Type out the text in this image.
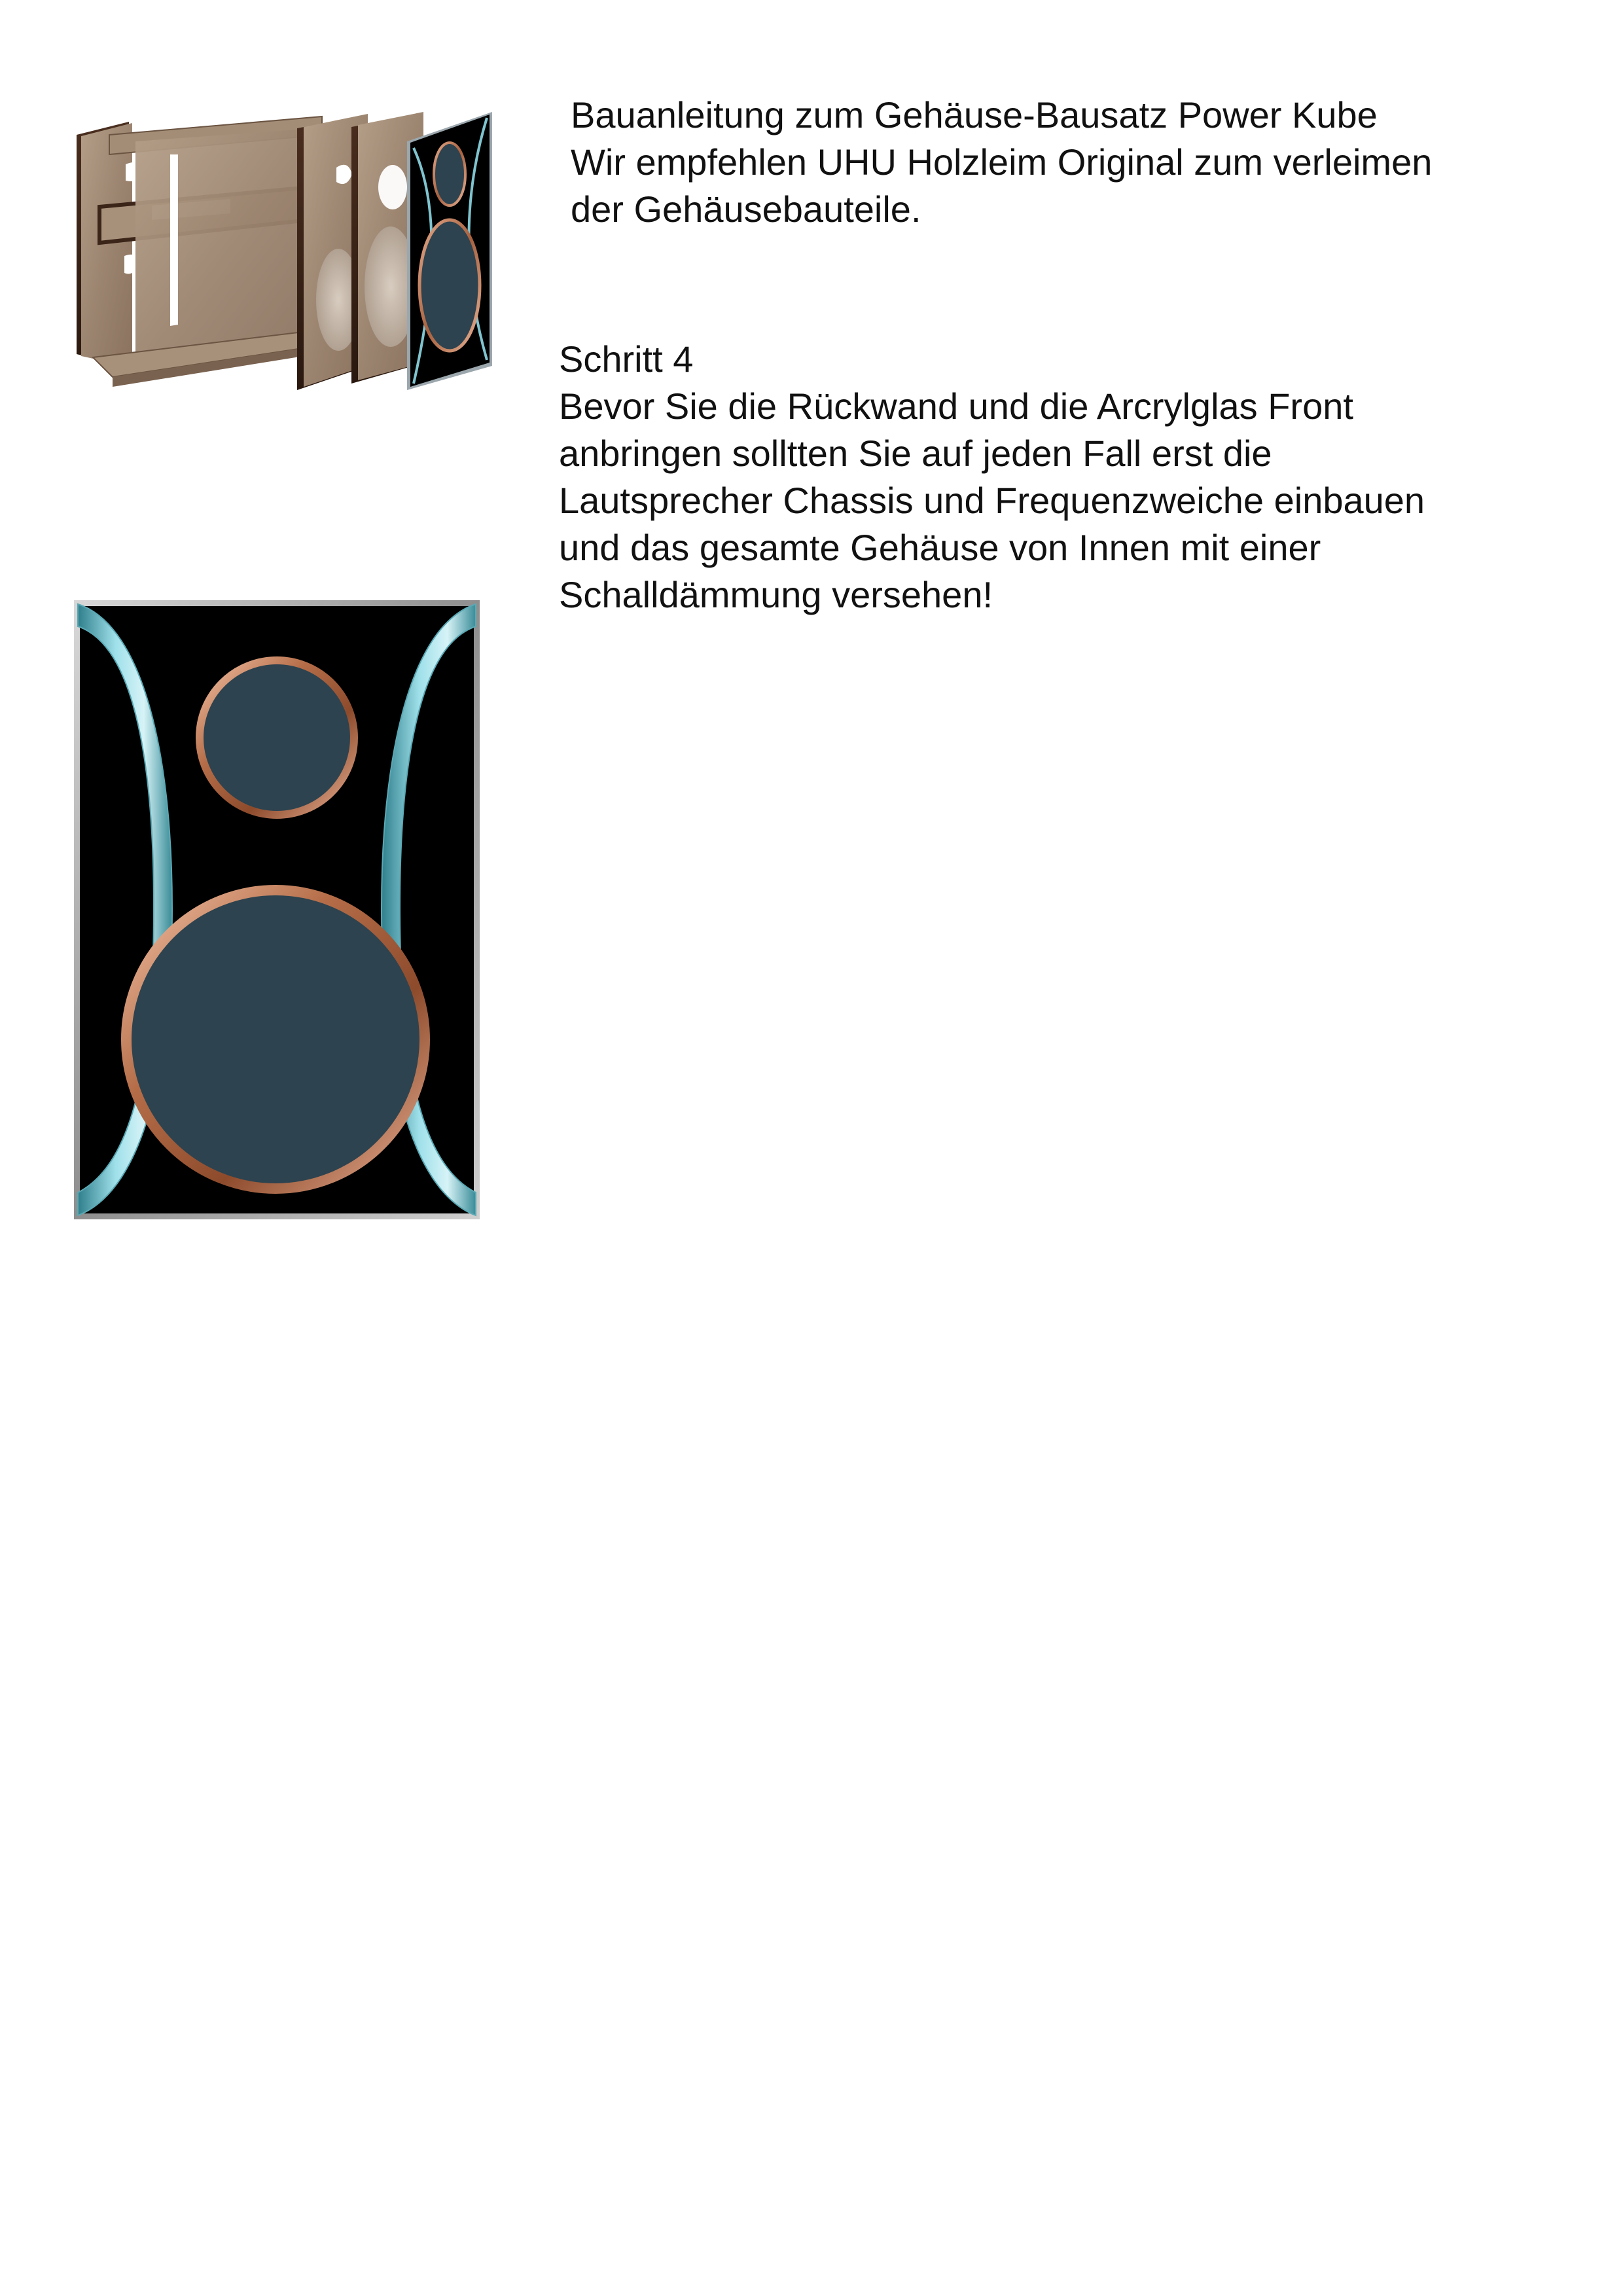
Bauanleitung zum Gehäuse-Bausatz Power Kube
Wir empfehlen UHU Holzleim Original zum verleimen
der Gehäusebauteile.
Schritt 4
Bevor Sie die Rückwand und die Arcrylglas Front
anbringen solltten Sie auf jeden Fall erst die
Lautsprecher Chassis und Frequenzweiche einbauen
und das gesamte Gehäuse von Innen mit einer
Schalldämmung versehen!
